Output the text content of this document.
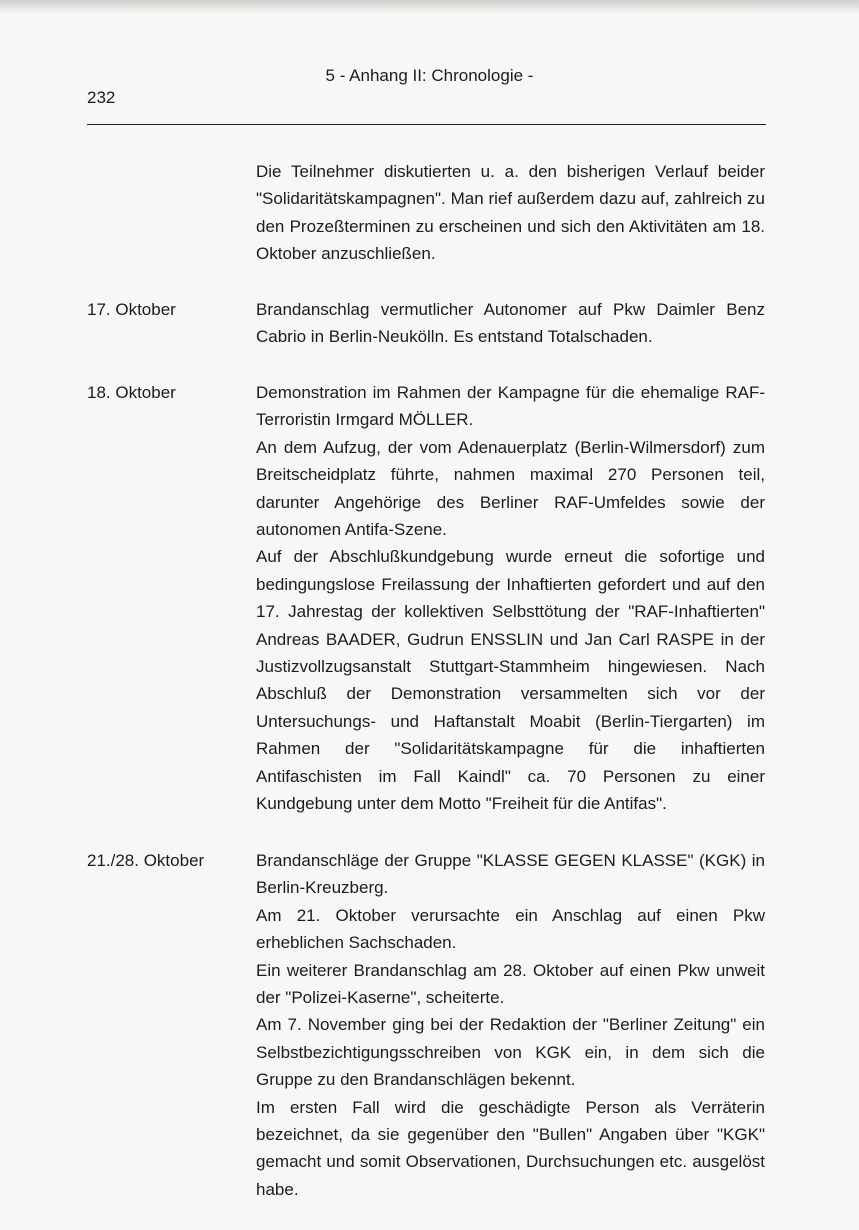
5 - Anhang II: Chronologie -
232

Die Teilnehmer diskutierten u. a. den bisherigen Verlauf beider "Solidaritätskampagnen". Man rief außerdem dazu auf, zahlreich zu den Prozeßterminen zu erscheinen und sich den Aktivitäten am 18. Oktober anzuschließen.

17. Oktober	Brandanschlag vermutlicher Autonomer auf Pkw Daimler Benz Cabrio in Berlin-Neukölln. Es entstand Totalschaden.

18. Oktober	Demonstration im Rahmen der Kampagne für die ehemalige RAF-Terroristin Irmgard MÖLLER.

An dem Aufzug, der vom Adenauerplatz (Berlin-Wilmersdorf) zum Breitscheidplatz führte, nahmen maximal 270 Personen teil, darunter Angehörige des Berliner RAF-Umfeldes sowie der autonomen Antifa-Szene.

Auf der Abschlußkundgebung wurde erneut die sofortige und bedingungslose Freilassung der Inhaftierten gefordert und auf den 17. Jahrestag der kollektiven Selbsttötung der "RAF-Inhaftierten" Andreas BAADER, Gudrun ENSSLIN und Jan Carl RASPE in der Justizvollzugsanstalt Stuttgart-Stammheim hingewiesen. Nach Abschluß der Demonstration versammelten sich vor der Untersuchungs- und Haftanstalt Moabit (Berlin-Tiergarten) im Rahmen der "Solidaritätskampagne für die inhaftierten Antifaschisten im Fall Kaindl" ca. 70 Personen zu einer Kundgebung unter dem Motto "Freiheit für die Antifas".

21./28. Oktober	Brandanschläge der Gruppe "KLASSE GEGEN KLASSE" (KGK) in Berlin-Kreuzberg.

Am 21. Oktober verursachte ein Anschlag auf einen Pkw erheblichen Sachschaden.

Ein weiterer Brandanschlag am 28. Oktober auf einen Pkw unweit der "Polizei-Kaserne", scheiterte.

Am 7. November ging bei der Redaktion der "Berliner Zeitung" ein Selbstbezichtigungsschreiben von KGK ein, in dem sich die Gruppe zu den Brandanschlägen bekennt.

Im ersten Fall wird die geschädigte Person als Verräterin bezeichnet, da sie gegenüber den "Bullen" Angaben über "KGK" gemacht und somit Observationen, Durchsuchungen etc. ausgelöst habe.
